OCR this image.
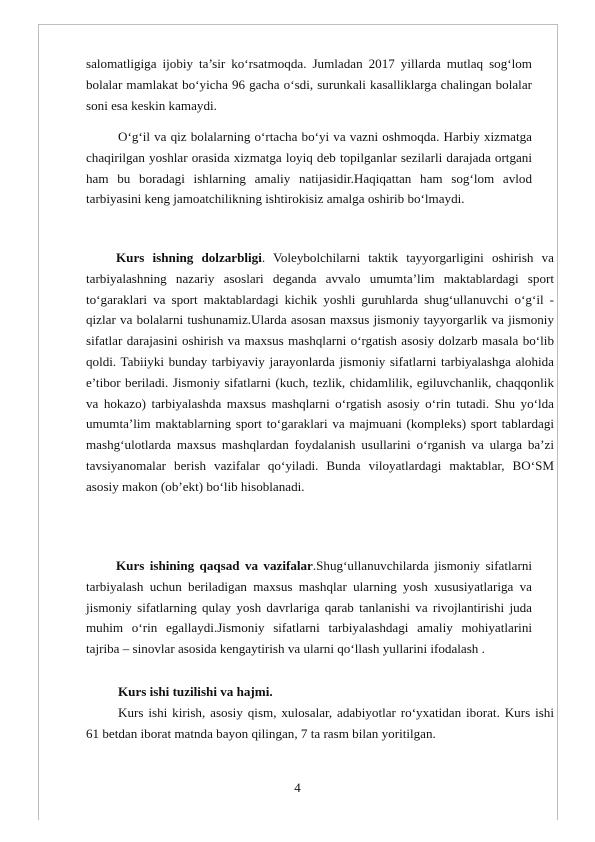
salomatligiga ijobiy ta’sir ko‘rsatmoqda. Jumladan 2017 yillarda mutlaq sog‘lom bolalar mamlakat bo‘yicha 96 gacha o‘sdi, surunkali kasalliklarga chalingan bolalar soni esa keskin kamaydi.

O‘g‘il va qiz bolalarning o‘rtacha bo‘yi va vazni oshmoqda. Harbiy xizmatga chaqirilgan yoshlar orasida xizmatga loyiq deb topilganlar sezilarli darajada ortgani ham bu boradagi ishlarning amaliy natijasidir.Haqiqattan ham sog‘lom avlod tarbiyasini keng jamoatchilikning ishtirokisiz amalga oshirib bo‘lmaydi.

Kurs ishning dolzarbligi. Voleybolchilarni taktik tayyorgarligini oshirish va tarbiyalashning nazariy asoslari deganda avvalo umumta’lim maktablardagi sport to‘garaklari va sport maktablardagi kichik yoshli guruhlarda shug‘ullanuvchi o‘g‘il - qizlar va bolalarni tushunamiz.Ularda asosan maxsus jismoniy tayyorgarlik va jismoniy sifatlar darajasini oshirish va maxsus mashqlarni o‘rgatish asosiy dolzarb masala bo‘lib qoldi. Tabiiyki bunday tarbiyaviy jarayonlarda jismoniy sifatlarni tarbiyalashga alohida e’tibor beriladi. Jismoniy sifatlarni (kuch, tezlik, chidamlilik, egiluvchanlik, chaqqonlik va hokazo) tarbiyalashda maxsus mashqlarni o‘rgatish asosiy o‘rin tutadi. Shu yo‘lda umumta’lim maktablarning sport to‘garaklari va majmuani (kompleks) sport tablardagi mashg‘ulotlarda maxsus mashqlardan foydalanish usullarini o‘rganish va ularga ba’zi tavsiyanomalar berish vazifalar qo‘yiladi. Bunda viloyatlardagi maktablar, BO‘SM asosiy makon (ob’ekt) bo‘lib hisoblanadi.

Kurs ishining qaqsad va vazifalar.Shug‘ullanuvchilarda jismoniy sifatlarni tarbiyalash uchun beriladigan maxsus mashqlar ularning yosh xususiyatlariga va jismoniy sifatlarning qulay yosh davrlariga qarab tanlanishi va rivojlantirishi juda muhim o‘rin egallaydi.Jismoniy sifatlarni tarbiyalashdagi amaliy mohiyatlarini tajriba – sinovlar asosida kengaytirish va ularni qo‘llash yullarini ifodalash .

Kurs ishi tuzilishi va hajmi.

Kurs ishi kirish, asosiy qism, xulosalar, adabiyotlar ro‘yxatidan iborat. Kurs ishi 61 betdan iborat matnda bayon qilingan, 7 ta rasm bilan yoritilgan.

4
